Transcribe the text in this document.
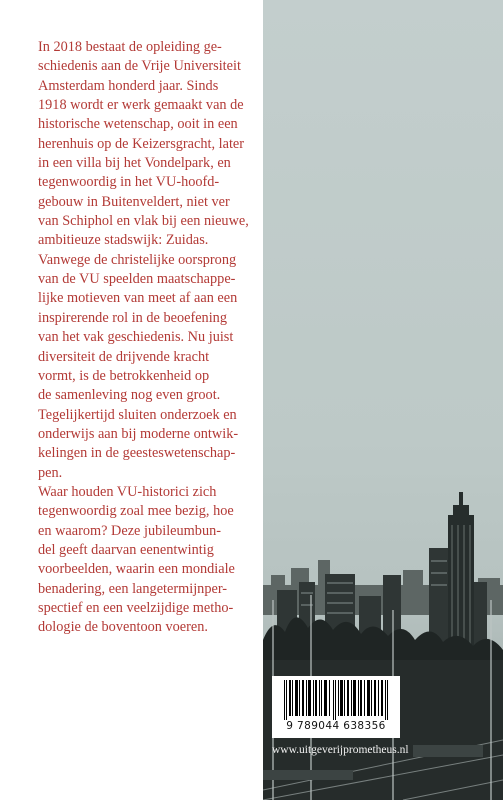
In 2018 bestaat de opleiding ge-
schiedenis aan de Vrije Universiteit
Amsterdam honderd jaar. Sinds
1918 wordt er werk gemaakt van de
historische wetenschap, ooit in een
herenhuis op de Keizersgracht, later
in een villa bij het Vondelpark, en
tegenwoordig in het VU-hoofd-
gebouw in Buitenveldert, niet ver
van Schiphol en vlak bij een nieuwe,
ambitieuze stadswijk: Zuidas.
Vanwege de christelijke oorsprong
van de VU speelden maatschappe-
lijke motieven van meet af aan een
inspirerende rol in de beoefening
van het vak geschiedenis. Nu juist
diversiteit de drijvende kracht
vormt, is de betrokkenheid op
de samenleving nog even groot.
Tegelijkertijd sluiten onderzoek en
onderwijs aan bij moderne ontwik-
kelingen in de geesteswetenschap-
pen.
Waar houden VU-historici zich
tegenwoordig zoal mee bezig, hoe
en waarom? Deze jubileumbun-
del geeft daarvan eenentwintig
voorbeelden, waarin een mondiale
benadering, een langetermijnper-
spectief en een veelzijdige metho-
dologie de boventoon voeren.
9 789044 638356
www.uitgeverijprometheus.nl
